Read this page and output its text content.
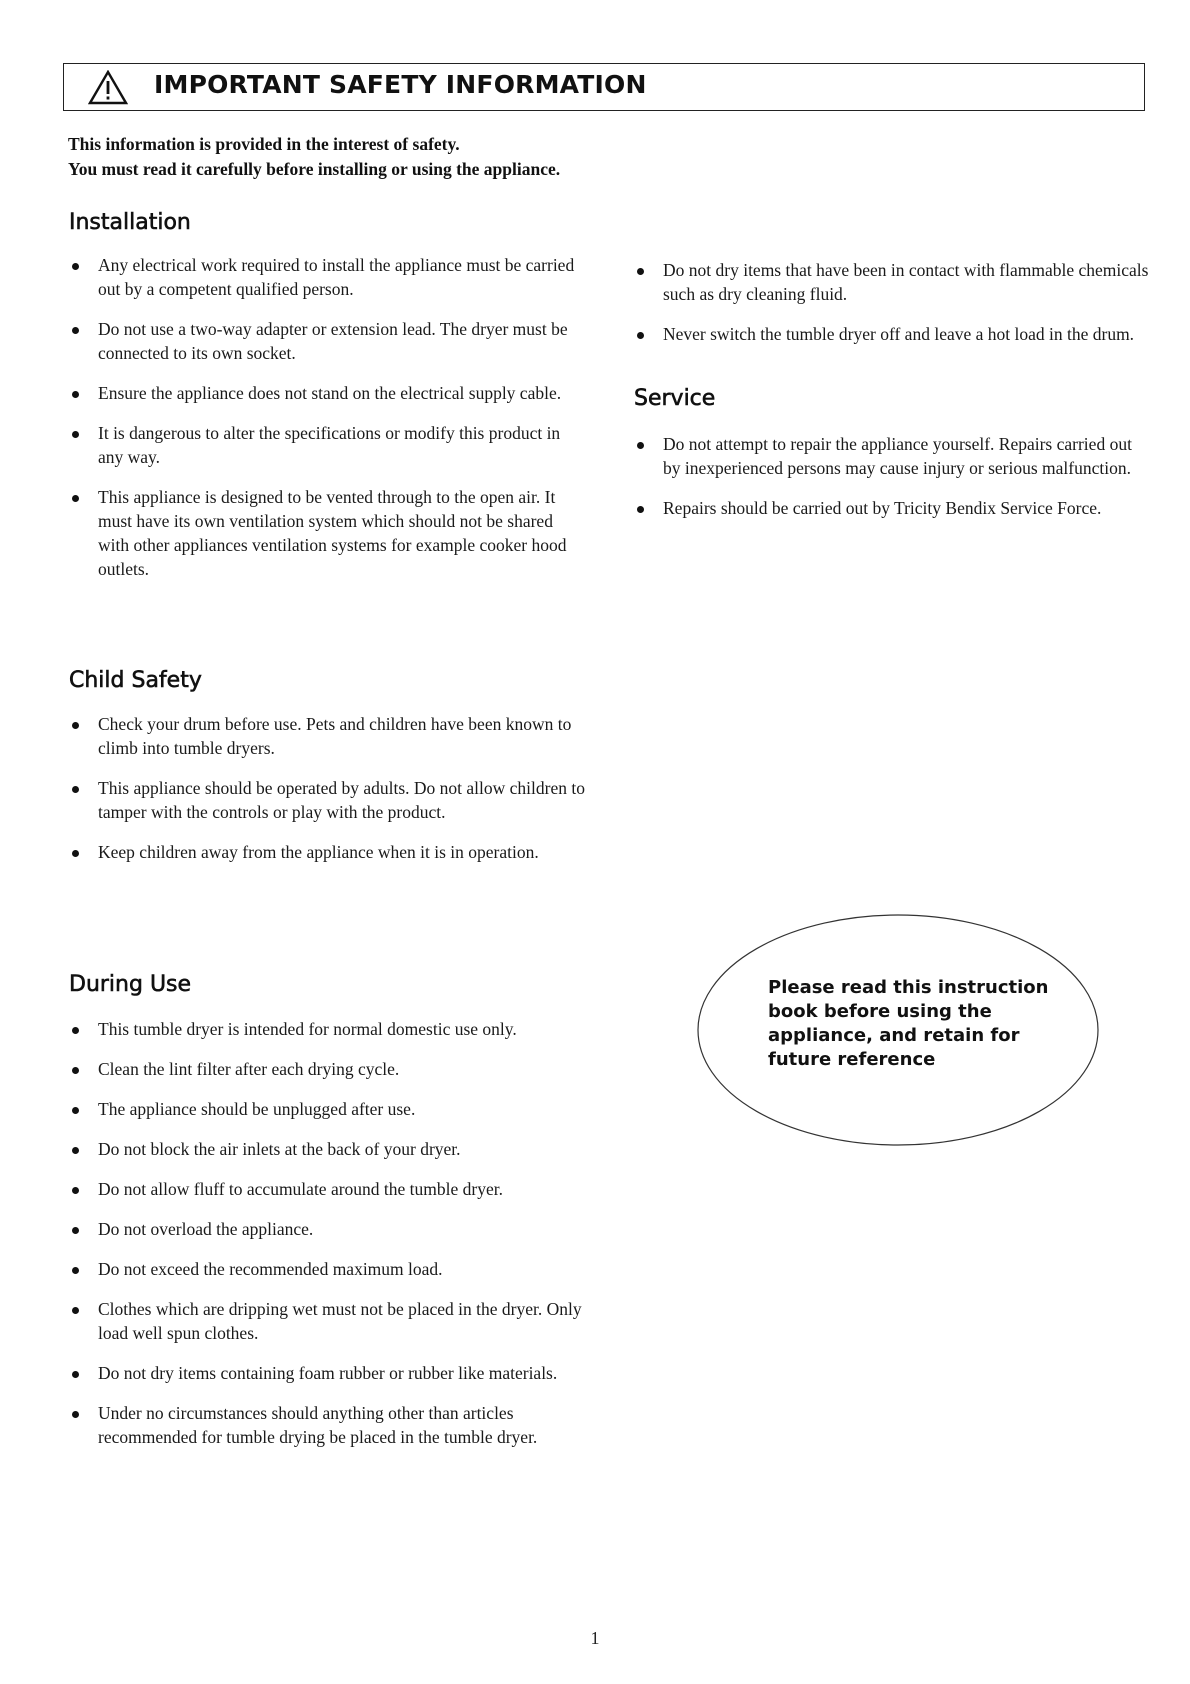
IMPORTANT SAFETY INFORMATION
This information is provided in the interest of safety.
You must read it carefully before installing or using the appliance.
Installation
Any electrical work required to install the appliance must be carried out by a competent qualified person.
Do not use a two-way adapter or extension lead. The dryer must be connected to its own socket.
Ensure the appliance does not stand on the electrical supply cable.
It is dangerous to alter the specifications or modify this product in any way.
This appliance is designed to be vented through to the open air. It must have its own ventilation system which should not be shared with other appliances ventilation systems for example cooker hood outlets.
Do not dry items that have been in contact with flammable chemicals such as dry cleaning fluid.
Never switch the tumble dryer off and leave a hot load in the drum.
Service
Do not attempt to repair the appliance yourself. Repairs carried out by inexperienced persons may cause injury or serious malfunction.
Repairs should be carried out by Tricity Bendix Service Force.
Child Safety
Check your drum before use. Pets and children have been known to climb into tumble dryers.
This appliance should be operated by adults. Do not allow children to tamper with the controls or play with the product.
Keep children away from the appliance when it is in operation.
During Use
This tumble dryer is intended for normal domestic use only.
Clean the lint filter after each drying cycle.
The appliance should be unplugged after use.
Do not block the air inlets at the back of your dryer.
Do not allow fluff to accumulate around the tumble dryer.
Do not overload the appliance.
Do not exceed the recommended maximum load.
Clothes which are dripping wet must not be placed in the dryer. Only load well spun clothes.
Do not dry items containing foam rubber or rubber like materials.
Under no circumstances should anything other than articles recommended for tumble drying be placed in the tumble dryer.
Please read this instruction book before using the appliance, and retain for future reference
1
